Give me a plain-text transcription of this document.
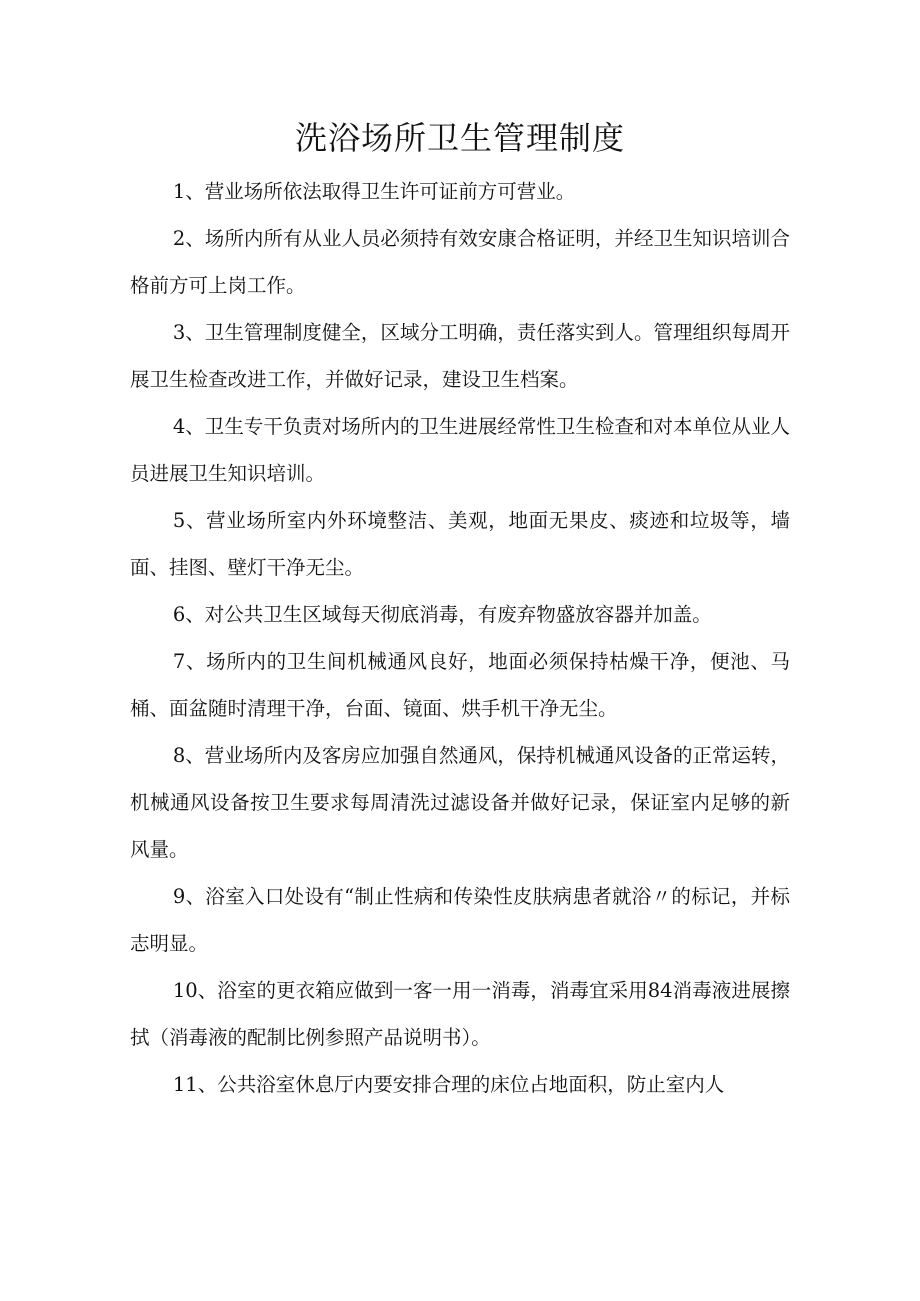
洗浴场所卫生管理制度

1、营业场所依法取得卫生许可证前方可营业。

2、场所内所有从业人员必须持有效安康合格证明，并经卫生知识培训合格前方可上岗工作。

3、卫生管理制度健全，区域分工明确，责任落实到人。管理组织每周开展卫生检查改进工作，并做好记录，建设卫生档案。

4、卫生专干负责对场所内的卫生进展经常性卫生检查和对本单位从业人员进展卫生知识培训。

5、营业场所室内外环境整洁、美观，地面无果皮、痰迹和垃圾等，墙面、挂图、壁灯干净无尘。

6、对公共卫生区域每天彻底消毒，有废弃物盛放容器并加盖。

7、场所内的卫生间机械通风良好，地面必须保持枯燥干净，便池、马桶、面盆随时清理干净，台面、镜面、烘手机干净无尘。

8、营业场所内及客房应加强自然通风，保持机械通风设备的正常运转，机械通风设备按卫生要求每周清洗过滤设备并做好记录，保证室内足够的新风量。

9、浴室入口处设有“制止性病和传染性皮肤病患者就浴〃的标记，并标志明显。

10、浴室的更衣箱应做到一客一用一消毒，消毒宜采用84消毒液进展擦拭（消毒液的配制比例参照产品说明书）。

11、公共浴室休息厅内要安排合理的床位占地面积，防止室内人
